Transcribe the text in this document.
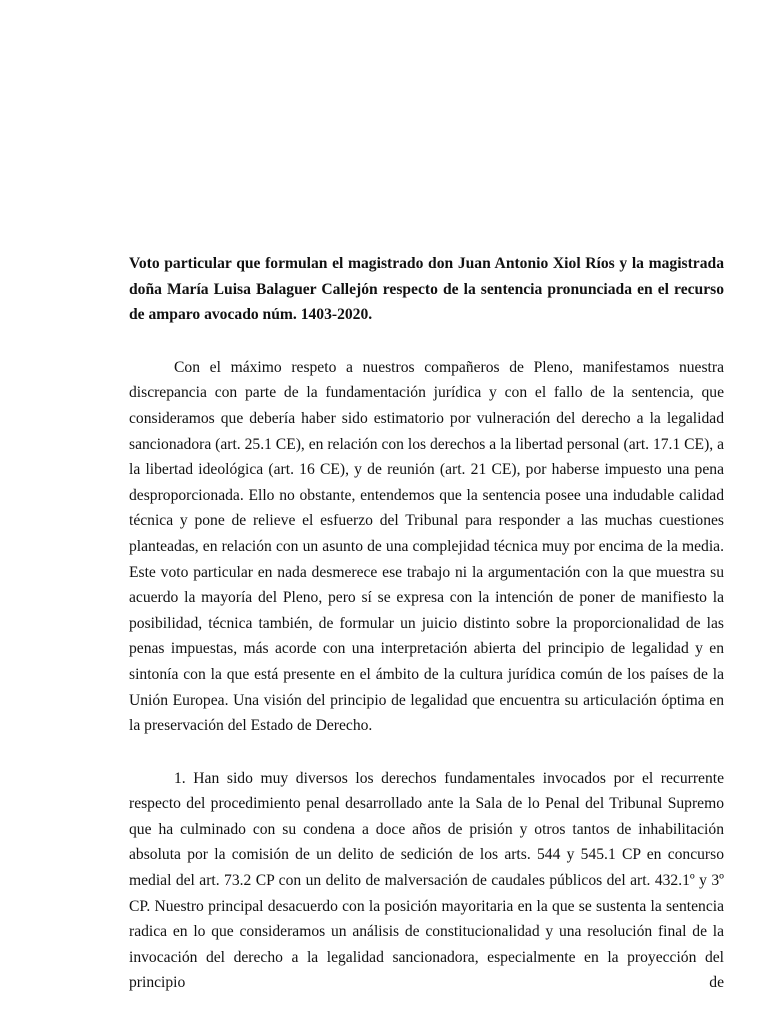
Voto particular que formulan el magistrado don Juan Antonio Xiol Ríos y la magistrada doña María Luisa Balaguer Callejón respecto de la sentencia pronunciada en el recurso de amparo avocado núm. 1403-2020.

Con el máximo respeto a nuestros compañeros de Pleno, manifestamos nuestra discrepancia con parte de la fundamentación jurídica y con el fallo de la sentencia, que consideramos que debería haber sido estimatorio por vulneración del derecho a la legalidad sancionadora (art. 25.1 CE), en relación con los derechos a la libertad personal (art. 17.1 CE), a la libertad ideológica (art. 16 CE), y de reunión (art. 21 CE), por haberse impuesto una pena desproporcionada. Ello no obstante, entendemos que la sentencia posee una indudable calidad técnica y pone de relieve el esfuerzo del Tribunal para responder a las muchas cuestiones planteadas, en relación con un asunto de una complejidad técnica muy por encima de la media. Este voto particular en nada desmerece ese trabajo ni la argumentación con la que muestra su acuerdo la mayoría del Pleno, pero sí se expresa con la intención de poner de manifiesto la posibilidad, técnica también, de formular un juicio distinto sobre la proporcionalidad de las penas impuestas, más acorde con una interpretación abierta del principio de legalidad y en sintonía con la que está presente en el ámbito de la cultura jurídica común de los países de la Unión Europea. Una visión del principio de legalidad que encuentra su articulación óptima en la preservación del Estado de Derecho.

1. Han sido muy diversos los derechos fundamentales invocados por el recurrente respecto del procedimiento penal desarrollado ante la Sala de lo Penal del Tribunal Supremo que ha culminado con su condena a doce años de prisión y otros tantos de inhabilitación absoluta por la comisión de un delito de sedición de los arts. 544 y 545.1 CP en concurso medial del art. 73.2 CP con un delito de malversación de caudales públicos del art. 432.1º y 3º CP. Nuestro principal desacuerdo con la posición mayoritaria en la que se sustenta la sentencia radica en lo que consideramos un análisis de constitucionalidad y una resolución final de la invocación del derecho a la legalidad sancionadora, especialmente en la proyección del principio de
